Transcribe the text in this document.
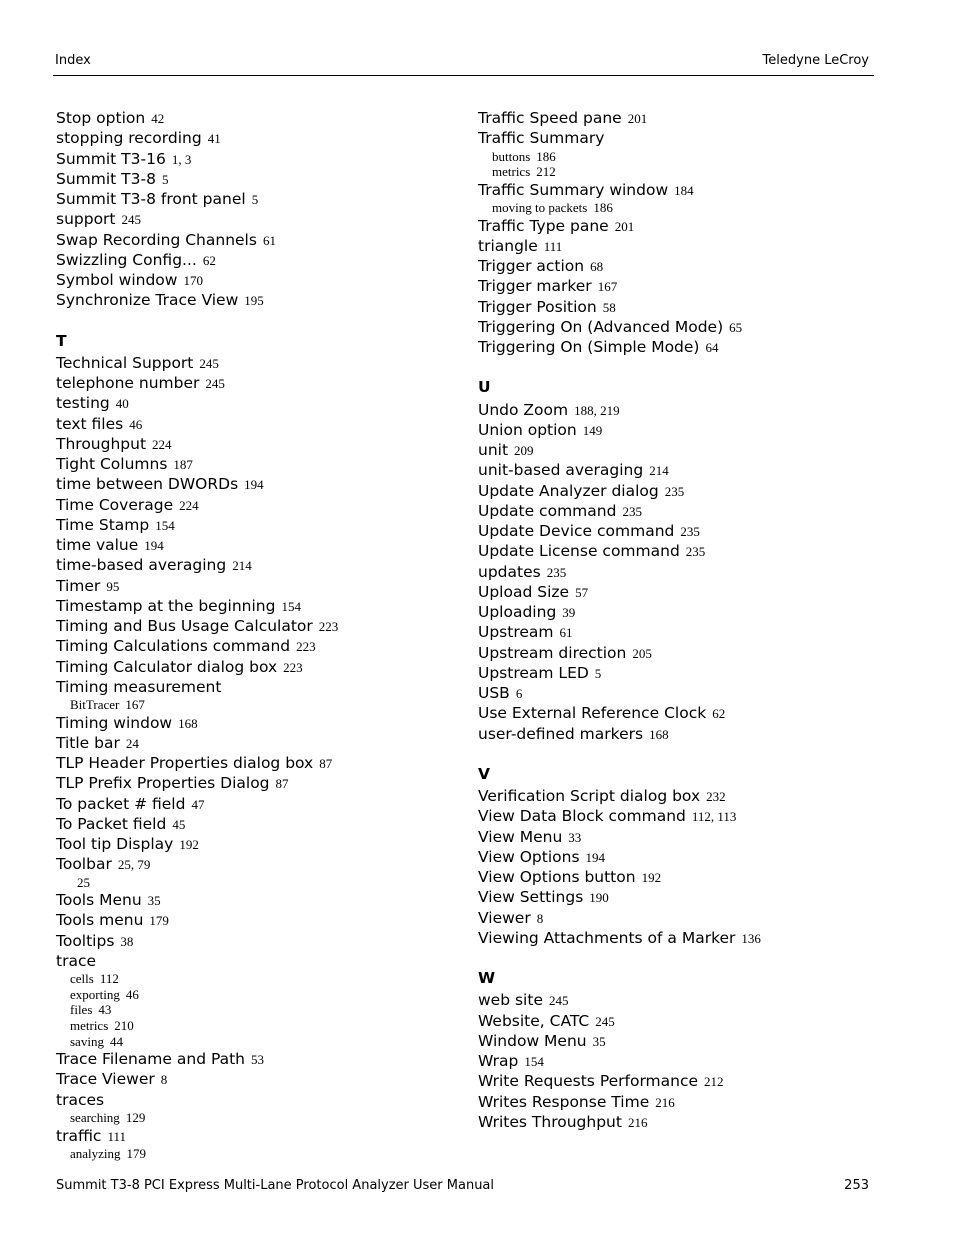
Index	Teledyne LeCroy
Stop option 42
stopping recording 41
Summit T3-16 1, 3
Summit T3-8 5
Summit T3-8 front panel 5
support 245
Swap Recording Channels 61
Swizzling Config... 62
Symbol window 170
Synchronize Trace View 195
T
Technical Support 245
telephone number 245
testing 40
text files 46
Throughput 224
Tight Columns 187
time between DWORDs 194
Time Coverage 224
Time Stamp 154
time value 194
time-based averaging 214
Timer 95
Timestamp at the beginning 154
Timing and Bus Usage Calculator 223
Timing Calculations command 223
Timing Calculator dialog box 223
Timing measurement
BitTracer 167
Timing window 168
Title bar 24
TLP Header Properties dialog box 87
TLP Prefix Properties Dialog 87
To packet # field 47
To Packet field 45
Tool tip Display 192
Toolbar 25, 79
25
Tools Menu 35
Tools menu 179
Tooltips 38
trace
cells 112
exporting 46
files 43
metrics 210
saving 44
Trace Filename and Path 53
Trace Viewer 8
traces
searching 129
traffic 111
analyzing 179
Traffic Speed pane 201
Traffic Summary
buttons 186
metrics 212
Traffic Summary window 184
moving to packets 186
Traffic Type pane 201
triangle 111
Trigger action 68
Trigger marker 167
Trigger Position 58
Triggering On (Advanced Mode) 65
Triggering On (Simple Mode) 64
U
Undo Zoom 188, 219
Union option 149
unit 209
unit-based averaging 214
Update Analyzer dialog 235
Update command 235
Update Device command 235
Update License command 235
updates 235
Upload Size 57
Uploading 39
Upstream 61
Upstream direction 205
Upstream LED 5
USB 6
Use External Reference Clock 62
user-defined markers 168
V
Verification Script dialog box 232
View Data Block command 112, 113
View Menu 33
View Options 194
View Options button 192
View Settings 190
Viewer 8
Viewing Attachments of a Marker 136
W
web site 245
Website, CATC 245
Window Menu 35
Wrap 154
Write Requests Performance 212
Writes Response Time 216
Writes Throughput 216
Summit T3-8 PCI Express Multi-Lane Protocol Analyzer User Manual	253
